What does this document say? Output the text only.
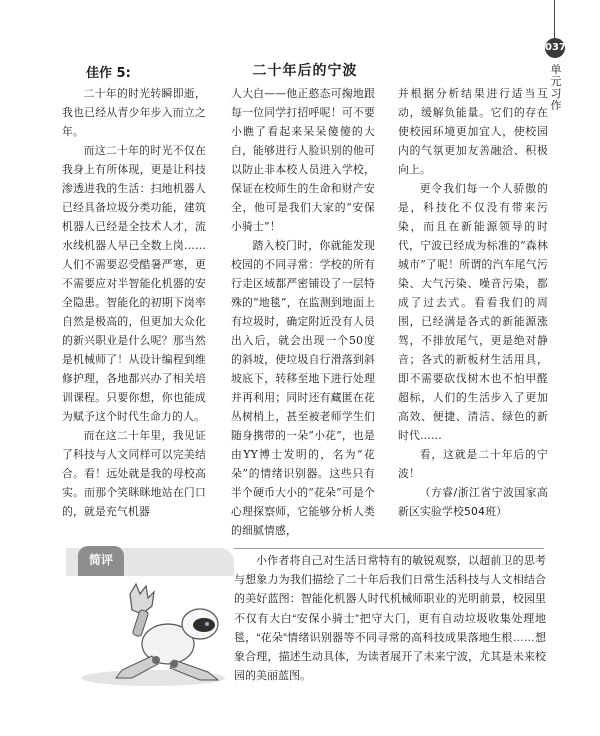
037
单元习作
佳作 5:	二十年后的宁波

二十年的时光转瞬即逝，我也已经从青少年步入而立之年。

而这二十年的时光不仅在我身上有所体现，更是让科技渗透进我的生活：扫地机器人已经具备垃圾分类功能，建筑机器人已经是全技术人才，流水线机器人早已全数上岗……人们不需要忍受酷暑严寒，更不需要应对半智能化机器的安全隐患。智能化的初期下岗率自然是极高的，但更加大众化的新兴职业是什么呢？那当然是机械师了！从设计编程到维修护理，各地都兴办了相关培训课程。只要你想，你也能成为赋予这个时代生命力的人。

而在这二十年里，我见证了科技与人文同样可以完美结合。看！远处就是我的母校高实。而那个笑眯眯地站在门口的，就是充气机器

人大白——他正憨态可掬地跟每一位同学打招呼呢！可不要小瞧了看起来呆呆傻傻的大白，能够进行人脸识别的他可以防止非本校人员进入学校，保证在校师生的生命和财产安全，他可是我们大家的“安保小骑士”！

踏入校门时，你就能发现校园的不同寻常：学校的所有行走区域都严密铺设了一层特殊的“地毯”，在监测到地面上有垃圾时，确定附近没有人员出入后，就会出现一个50度的斜坡，使垃圾自行滑落到斜坡底下，转移至地下进行处理并再利用；同时还有藏匿在花丛树梢上，甚至被老师学生们随身携带的一朵“小花”，也是由YY博士发明的，名为“花朵”的情绪识别器。这些只有半个硬币大小的“花朵”可是个心理探察师，它能够分析人类的细腻情感，

并根据分析结果进行适当互动，缓解负能量。它们的存在使校园环境更加宜人，使校园内的气氛更加友善融洽、积极向上。

更令我们每一个人骄傲的是，科技化不仅没有带来污染，而且在新能源领导的时代，宁波已经成为标准的“森林城市”了呢！所谓的汽车尾气污染、大气污染、噪音污染，都成了过去式。看看我们的周围，已经满是各式的新能源涨驾，不排放尾气，更是绝对静音；各式的新板材生活用具，即不需要砍伐树木也不怕甲醛超标，人们的生活步入了更加高效、便捷、清洁、绿色的新时代……

看，这就是二十年后的宁波！

（方睿/浙江省宁波国家高新区实验学校504班）

简评	小作者将自己对生活日常特有的敏锐观察，以超前卫的思考与想象力为我们描绘了二十年后我们日常生活科技与人文相结合的美好蓝图：智能化机器人时代机械师职业的光明前景，校园里不仅有大白“安保小骑士”把守大门，更有自动垃圾收集处理地毯，“花朵”情绪识别器等不同寻常的高科技成果落地生根……想象合理，描述生动具体，为读者展开了未来宁波，尤其是未来校园的美丽蓝图。
